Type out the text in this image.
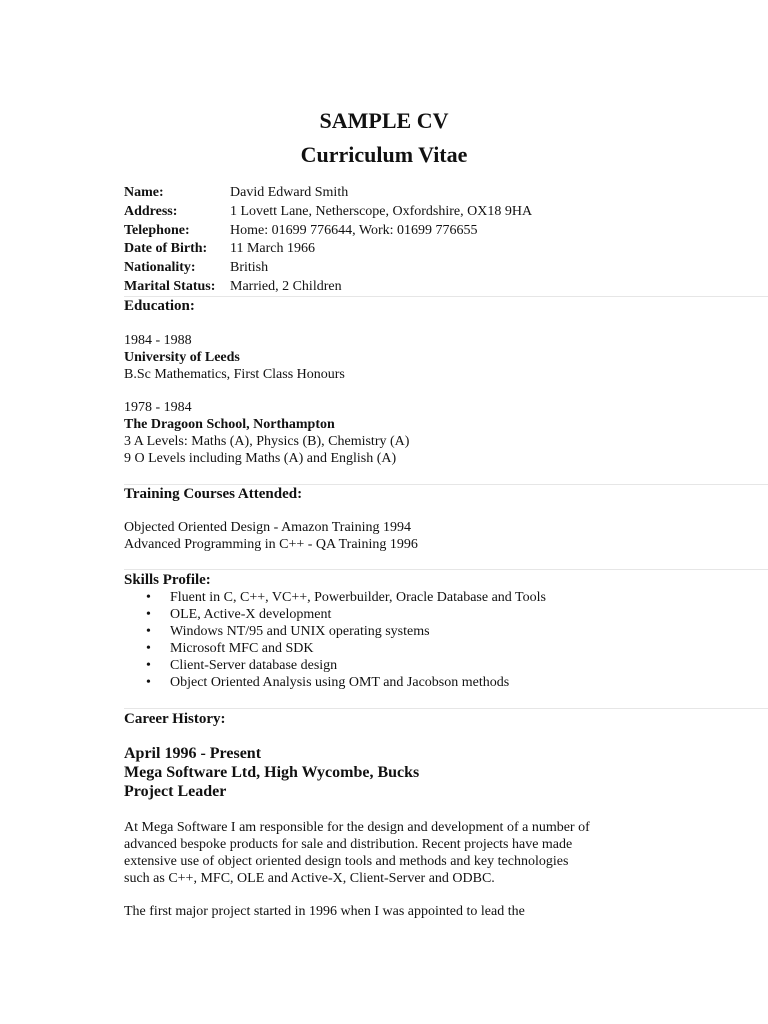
SAMPLE CV
Curriculum Vitae
Name:	David Edward Smith
Address:	1 Lovett Lane, Netherscope, Oxfordshire, OX18 9HA
Telephone:	Home: 01699 776644, Work: 01699 776655
Date of Birth: 11 March 1966
Nationality: British
Marital Status: Married, 2 Children
Education:
1984 - 1988
University of Leeds
B.Sc Mathematics, First Class Honours
1978 - 1984
The Dragoon School, Northampton
3 A Levels: Maths (A), Physics (B), Chemistry (A)
9 O Levels including Maths (A) and English (A)
Training Courses Attended:
Objected Oriented Design - Amazon Training 1994
Advanced Programming in C++ - QA Training 1996
Skills Profile:
• Fluent in C, C++, VC++, Powerbuilder, Oracle Database and Tools
• OLE, Active-X development
• Windows NT/95 and UNIX operating systems
• Microsoft MFC and SDK
• Client-Server database design
• Object Oriented Analysis using OMT and Jacobson methods
Career History:
April 1996 - Present
Mega Software Ltd, High Wycombe, Bucks
Project Leader
At Mega Software I am responsible for the design and development of a number of
advanced bespoke products for sale and distribution. Recent projects have made
extensive use of object oriented design tools and methods and key technologies
such as C++, MFC, OLE and Active-X, Client-Server and ODBC.
The first major project started in 1996 when I was appointed to lead the
